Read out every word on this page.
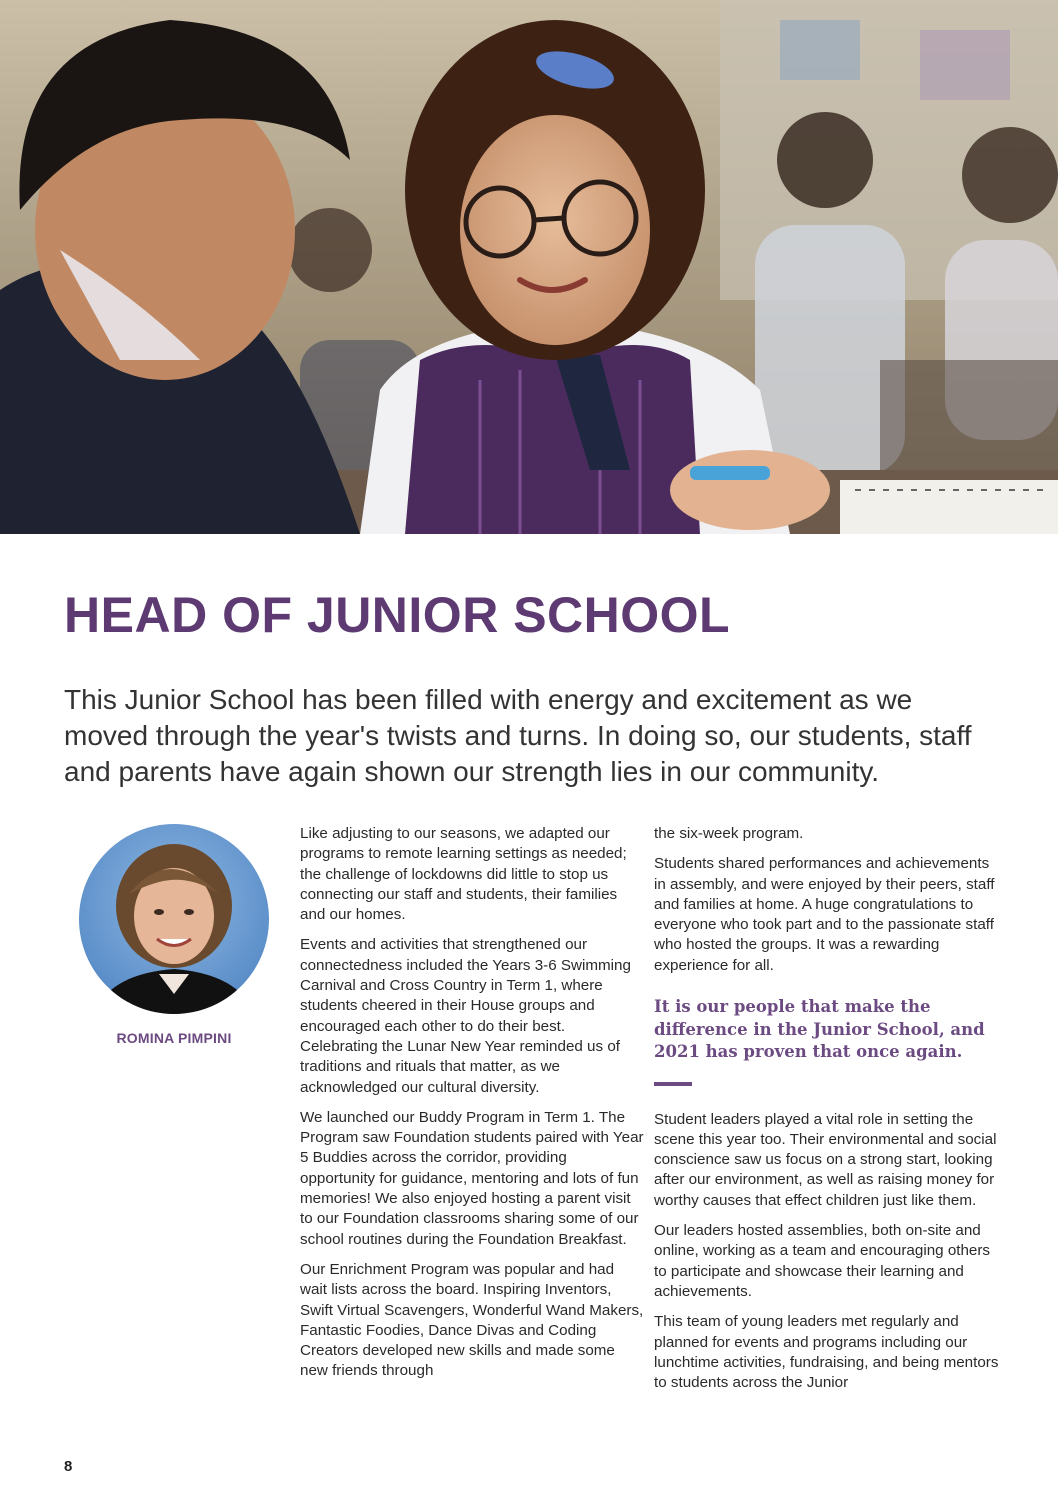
HEAD OF JUNIOR SCHOOL

This Junior School has been filled with energy and excitement as we moved through the year's twists and turns. In doing so, our students, staff and parents have again shown our strength lies in our community.

ROMINA PIMPINI

Like adjusting to our seasons, we adapted our programs to remote learning settings as needed; the challenge of lockdowns did little to stop us connecting our staff and students, their families and our homes.

Events and activities that strengthened our connectedness included the Years 3-6 Swimming Carnival and Cross Country in Term 1, where students cheered in their House groups and encouraged each other to do their best. Celebrating the Lunar New Year reminded us of traditions and rituals that matter, as we acknowledged our cultural diversity.

We launched our Buddy Program in Term 1. The Program saw Foundation students paired with Year 5 Buddies across the corridor, providing opportunity for guidance, mentoring and lots of fun memories! We also enjoyed hosting a parent visit to our Foundation classrooms sharing some of our school routines during the Foundation Breakfast.

Our Enrichment Program was popular and had wait lists across the board. Inspiring Inventors, Swift Virtual Scavengers, Wonderful Wand Makers, Fantastic Foodies, Dance Divas and Coding Creators developed new skills and made some new friends through

the six-week program.

Students shared performances and achievements in assembly, and were enjoyed by their peers, staff and families at home. A huge congratulations to everyone who took part and to the passionate staff who hosted the groups. It was a rewarding experience for all.

It is our people that make the difference in the Junior School, and 2021 has proven that once again.

Student leaders played a vital role in setting the scene this year too. Their environmental and social conscience saw us focus on a strong start, looking after our environment, as well as raising money for worthy causes that effect children just like them.

Our leaders hosted assemblies, both on-site and online, working as a team and encouraging others to participate and showcase their learning and achievements.

This team of young leaders met regularly and planned for events and programs including our lunchtime activities, fundraising, and being mentors to students across the Junior

8
